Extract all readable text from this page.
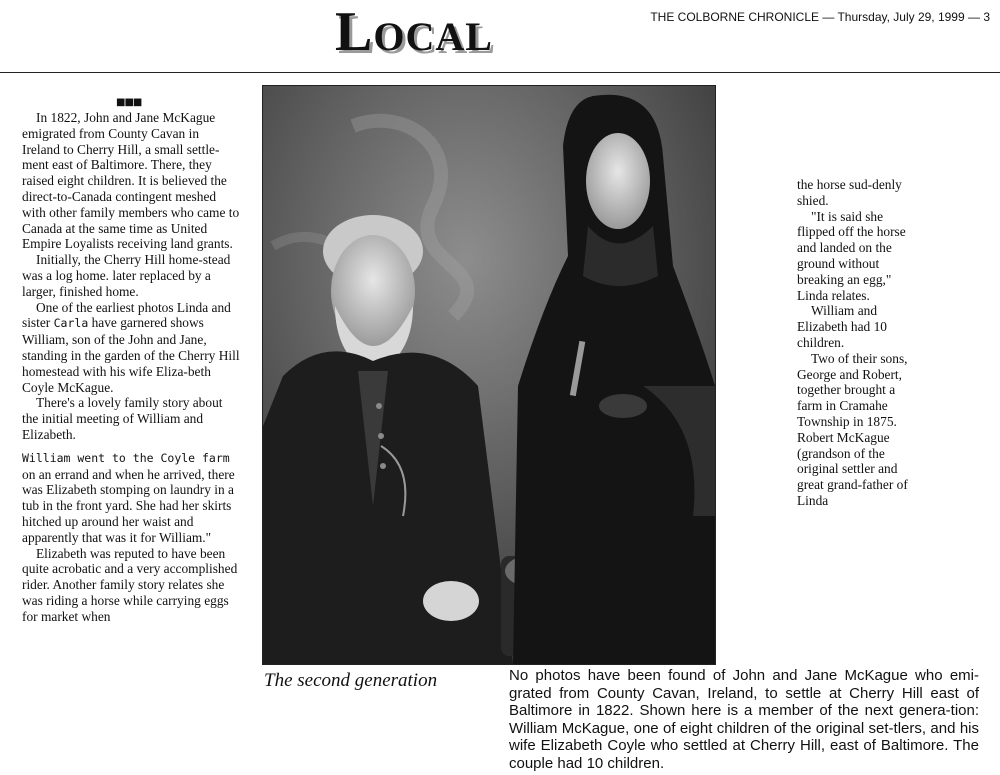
LOCAL	THE COLBORNE CHRONICLE — Thursday, July 29, 1999 — 3
■■■

In 1822, John and Jane McKague emigrated from County Cavan in Ireland to Cherry Hill, a small settle-ment east of Baltimore. There, they raised eight children. It is believed the direct-to-Canada contingent meshed with other family members who came to Canada at the same time as United Empire Loyalists receiving land grants.

Initially, the Cherry Hill home-stead was a log home. later replaced by a larger, finished home.

One of the earliest photos Linda and sister Carla have garnered shows William, son of the John and Jane, standing in the garden of the Cherry Hill homestead with his wife Eliza-beth Coyle McKague.

There's a lovely family story about the initial meeting of William and Elizabeth.

William went to the Coyle farm
on an errand and when he arrived, there was Elizabeth stomping on laundry in a tub in the front yard. She had her skirts hitched up around her waist and apparently that was it for William."

Elizabeth was reputed to have been quite acrobatic and a very accomplished rider. Another family story relates she was riding a horse while carrying eggs for market when

the horse sud-denly shied.

"It is said she flipped off the horse and landed on the ground without breaking an egg," Linda relates.

William and Elizabeth had 10 children.

Two of their sons, George and Robert, together brought a farm in Cramahe Township in 1875. Robert McKague (grandson of the original settler and great grand-father of Linda

The second generation	No photos have been found of John and Jane McKague who emi-grated from County Cavan, Ireland, to settle at Cherry Hill east of Baltimore in 1822. Shown here is a member of the next genera-tion: William McKague, one of eight children of the original set-tlers, and his wife Elizabeth Coyle who settled at Cherry Hill, east of Baltimore. The couple had 10 children.
